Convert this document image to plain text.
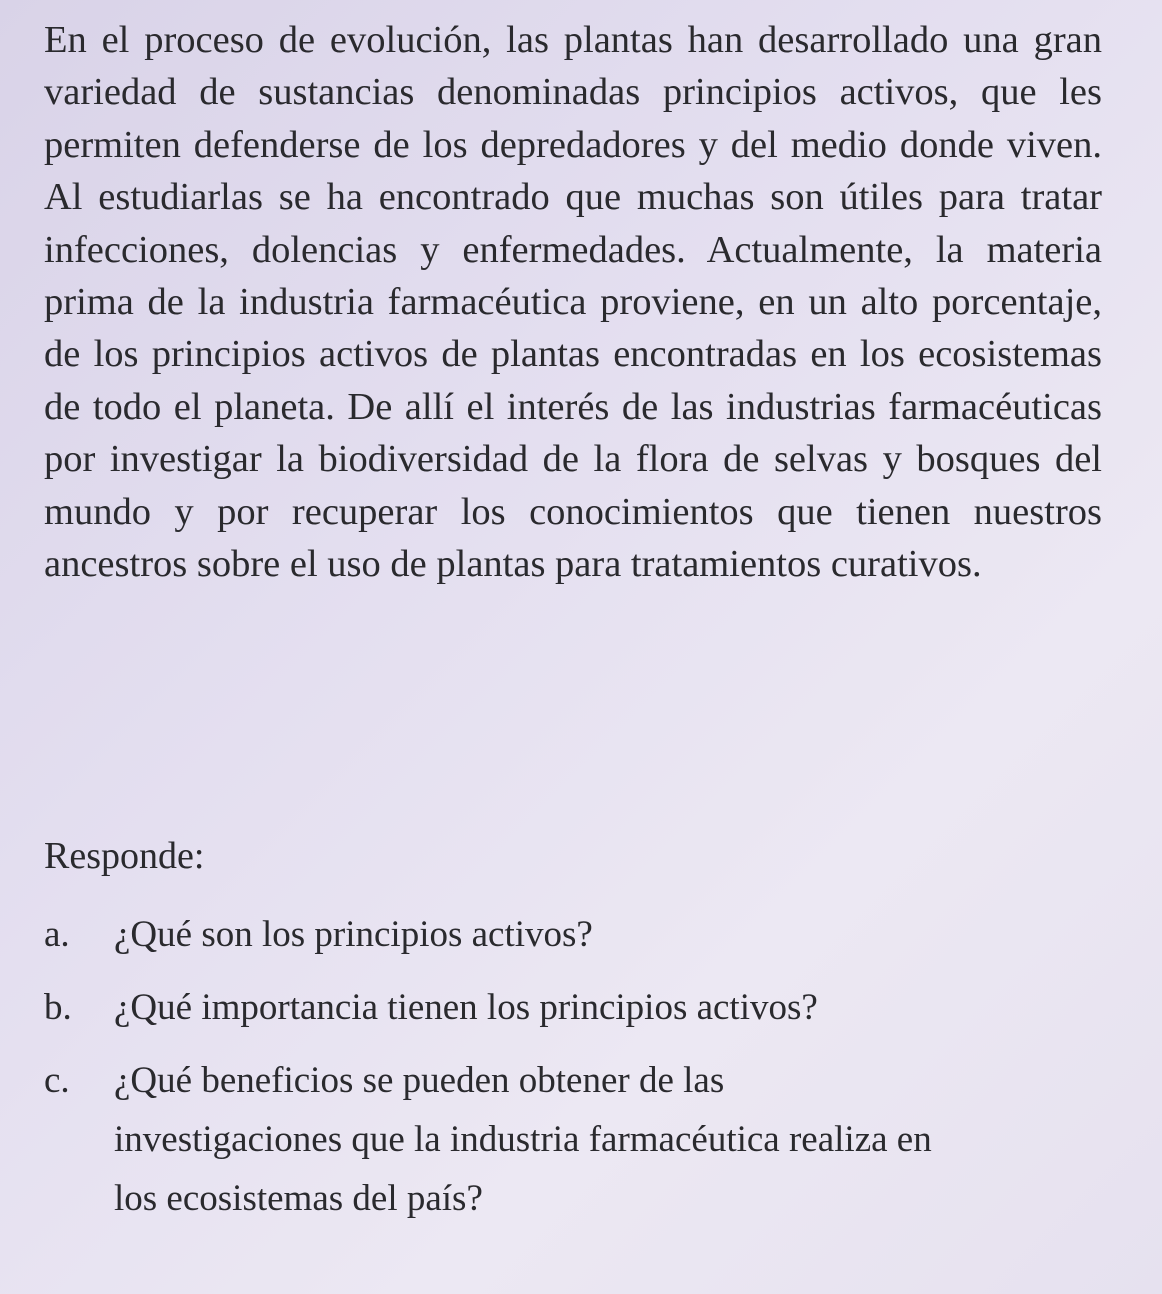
En el proceso de evolución, las plantas han desarrollado una gran variedad de sustancias denominadas principios activos, que les permiten defenderse de los depredadores y del medio donde viven. Al estudiarlas se ha encontrado que muchas son útiles para tratar infecciones, dolencias y enfermedades. Actualmente, la materia prima de la industria farmacéutica proviene, en un alto porcentaje, de los principios activos de plantas encontradas en los ecosistemas de todo el planeta. De allí el interés de las industrias farmacéuticas por investigar la biodiversidad de la flora de selvas y bosques del mundo y por recuperar los conocimientos que tienen nuestros ancestros sobre el uso de plantas para tratamientos curativos.

Responde:

a.	¿Qué son los principios activos?
b.	¿Qué importancia tienen los principios activos?
c.	¿Qué beneficios se pueden obtener de las investigaciones que la industria farmacéutica realiza en los ecosistemas del país?
